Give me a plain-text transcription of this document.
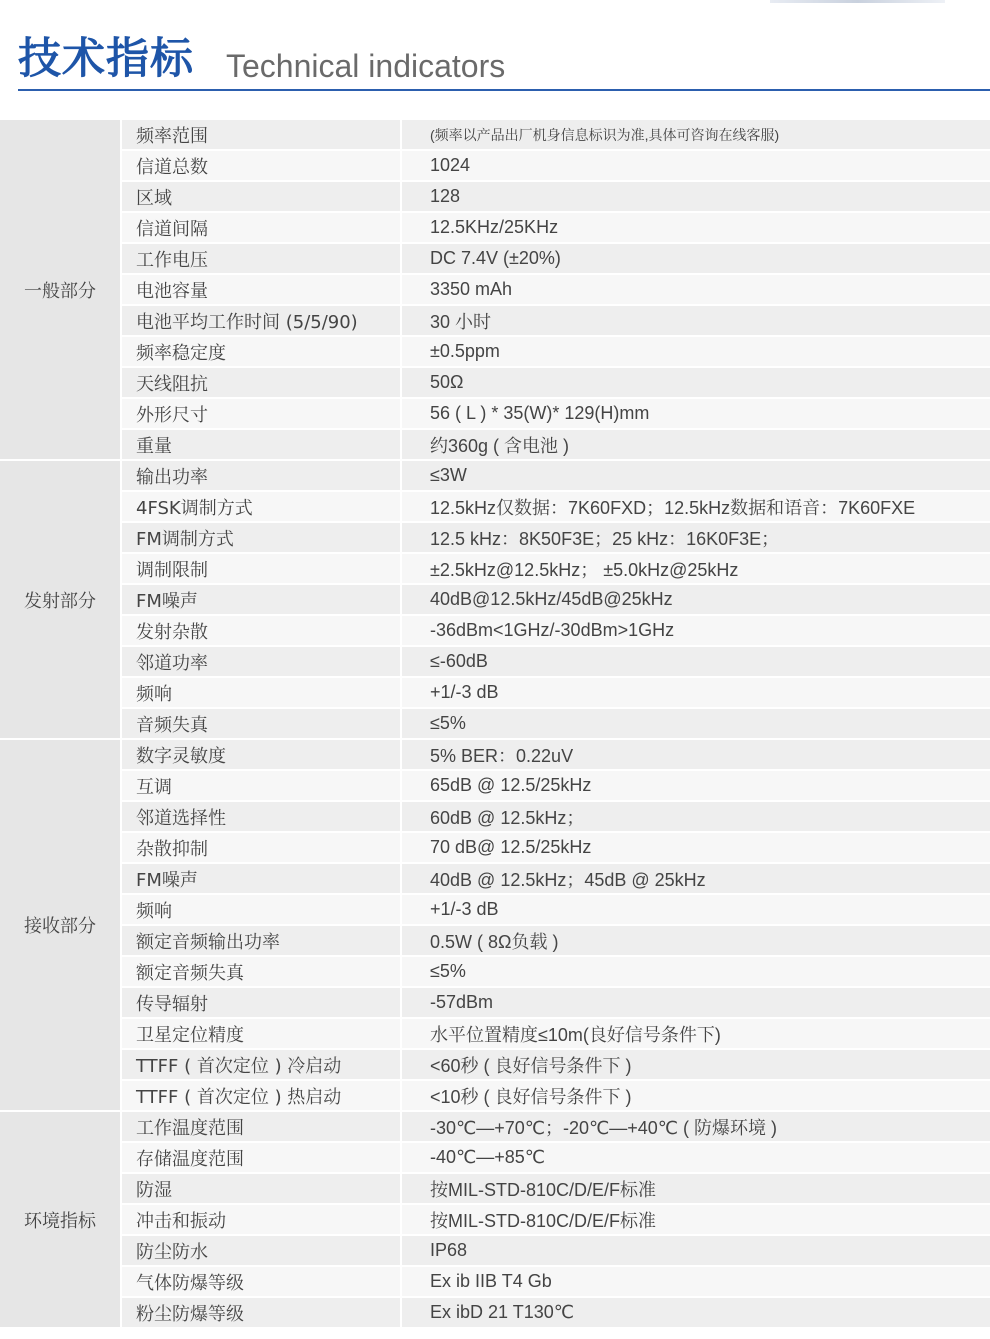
技术指标 Technical indicators
一般部分
频率范围	(频率以产品出厂机身信息标识为准,具体可咨询在线客服)
信道总数	1024
区域	128
信道间隔	12.5KHz/25KHz
工作电压	DC 7.4V (±20%)
电池容量	3350 mAh
电池平均工作时间 (5/5/90)	30 小时
频率稳定度	±0.5ppm
天线阻抗	50Ω
外形尺寸	56 ( L ) * 35(W)* 129(H)mm
重量	约360g ( 含电池 )
发射部分
输出功率	≤3W
4FSK调制方式	12.5kHz仅数据：7K60FXD；12.5kHz数据和语音：7K60FXE
FM调制方式	12.5 kHz：8K50F3E；25 kHz：16K0F3E；
调制限制	±2.5kHz@12.5kHz； ±5.0kHz@25kHz
FM噪声	40dB@12.5kHz/45dB@25kHz
发射杂散	-36dBm<1GHz/-30dBm>1GHz
邻道功率	≤-60dB
频响	+1/-3 dB
音频失真	≤5%
接收部分
数字灵敏度	5% BER：0.22uV
互调	65dB @ 12.5/25kHz
邻道选择性	60dB @ 12.5kHz；
杂散抑制	70 dB@ 12.5/25kHz
FM噪声	40dB @ 12.5kHz；45dB @ 25kHz
频响	+1/-3 dB
额定音频输出功率	0.5W ( 8Ω负载 )
额定音频失真	≤5%
传导辐射	-57dBm
卫星定位精度	水平位置精度≤10m(良好信号条件下)
TTFF ( 首次定位 ) 冷启动	<60秒 ( 良好信号条件下 )
TTFF ( 首次定位 ) 热启动	<10秒 ( 良好信号条件下 )
环境指标
工作温度范围	-30℃—+70℃；-20℃—+40℃ ( 防爆环境 )
存储温度范围	-40℃—+85℃
防湿	按MIL-STD-810C/D/E/F标准
冲击和振动	按MIL-STD-810C/D/E/F标准
防尘防水	IP68
气体防爆等级	Ex ib IIB T4 Gb
粉尘防爆等级	Ex ibD 21 T130℃
